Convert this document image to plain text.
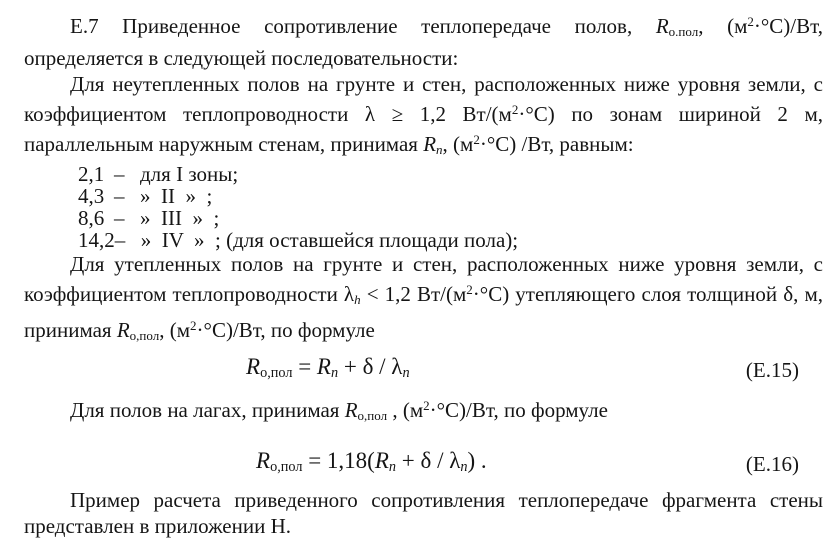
Е.7 Приведенное сопротивление теплопередаче полов, Rо.пол, $(м^2\cdot^\circ С)/Вт$, определяется в следующей последовательности:

Для неутепленных полов на грунте и стен, расположенных ниже уровня земли, с коэффициентом теплопроводности λ ≥ 1,2 $Вт/(м^2\cdot^\circ С)$ по зонам шириной 2 м, параллельным наружным стенам, принимая Rn, $(м^2\cdot^\circ С)$ /Вт, равным:

2,1 – для I зоны;
4,3 – »  II  »  ;
8,6 – »  III  »  ;
14,2 – »  IV  »  ; (для оставшейся площади пола);

Для утепленных полов на грунте и стен, расположенных ниже уровня земли, с коэффициентом теплопроводности λh < 1,2 $Вт/(м^2\cdot^\circ С)$ утепляющего слоя толщиной δ, м, принимая Rо,пол, $(м^2\cdot^\circ С)/Вт$, по формуле

Rо,пол = Rn + δ / λn	(Е.15)

Для полов на лагах, принимая Rо,пол , $(м^2\cdot^\circ С)/Вт$, по формуле

Rо,пол = 1,18(Rn + δ / λn) .	(Е.16)

Пример расчета приведенного сопротивления теплопередаче фрагмента стены представлен в приложении Н.
